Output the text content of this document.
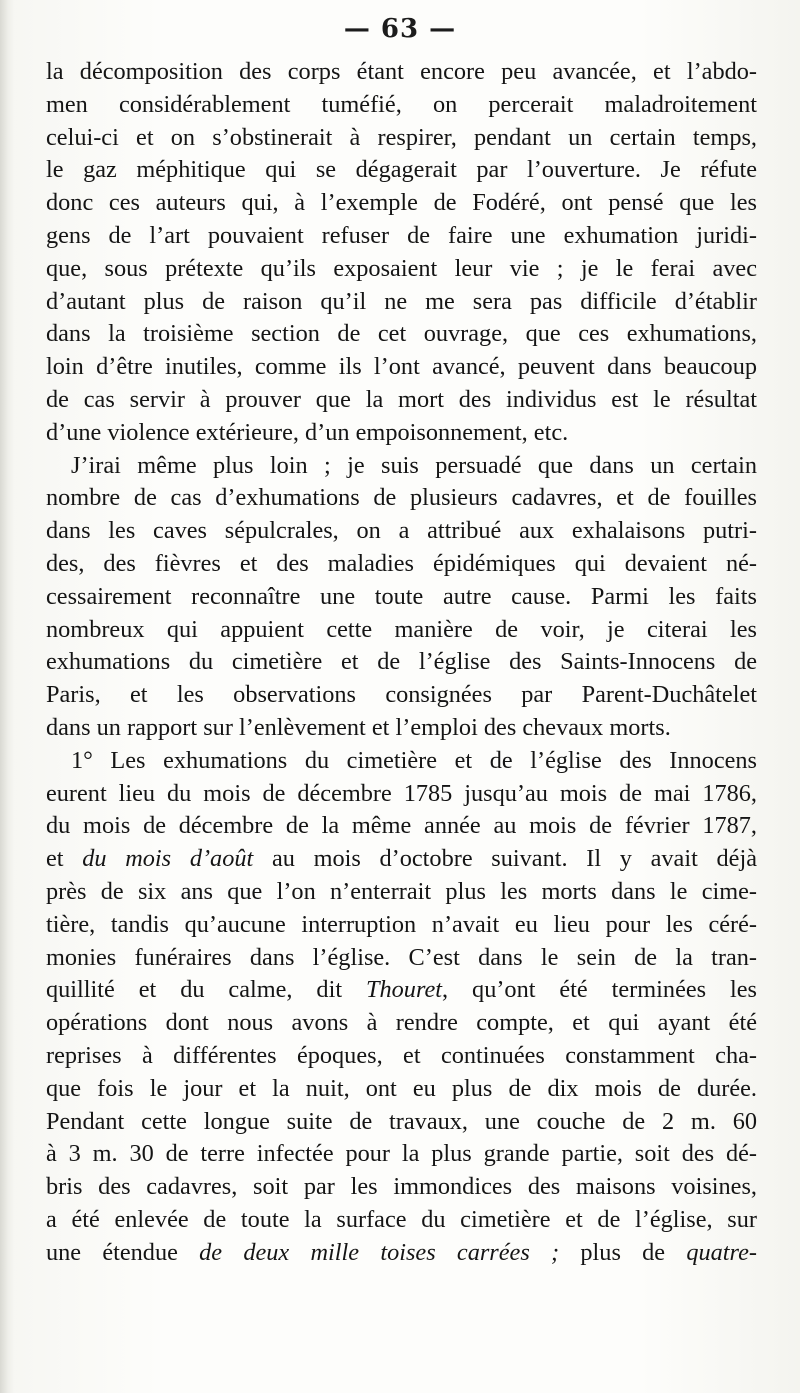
— 63 —
la décomposition des corps étant encore peu avancée, et l’abdo-
men considérablement tuméfié, on percerait maladroitement
celui-ci et on s’obstinerait à respirer, pendant un certain temps,
le gaz méphitique qui se dégagerait par l’ouverture. Je réfute
donc ces auteurs qui, à l’exemple de Fodéré, ont pensé que les
gens de l’art pouvaient refuser de faire une exhumation juridi-
que, sous prétexte qu’ils exposaient leur vie ; je le ferai avec
d’autant plus de raison qu’il ne me sera pas difficile d’établir
dans la troisième section de cet ouvrage, que ces exhumations,
loin d’être inutiles, comme ils l’ont avancé, peuvent dans beaucoup
de cas servir à prouver que la mort des individus est le résultat
d’une violence extérieure, d’un empoisonnement, etc.
J’irai même plus loin ; je suis persuadé que dans un certain
nombre de cas d’exhumations de plusieurs cadavres, et de fouilles
dans les caves sépulcrales, on a attribué aux exhalaisons putri-
des, des fièvres et des maladies épidémiques qui devaient né-
cessairement reconnaître une toute autre cause. Parmi les faits
nombreux qui appuient cette manière de voir, je citerai les
exhumations du cimetière et de l’église des Saints-Innocens de
Paris, et les observations consignées par Parent-Duchâtelet
dans un rapport sur l’enlèvement et l’emploi des chevaux morts.
1° Les exhumations du cimetière et de l’église des Innocens
eurent lieu du mois de décembre 1785 jusqu’au mois de mai 1786,
du mois de décembre de la même année au mois de février 1787,
et du mois d’août au mois d’octobre suivant. Il y avait déjà
près de six ans que l’on n’enterrait plus les morts dans le cime-
tière, tandis qu’aucune interruption n’avait eu lieu pour les céré-
monies funéraires dans l’église. C’est dans le sein de la tran-
quillité et du calme, dit Thouret, qu’ont été terminées les
opérations dont nous avons à rendre compte, et qui ayant été
reprises à différentes époques, et continuées constamment cha-
que fois le jour et la nuit, ont eu plus de dix mois de durée.
Pendant cette longue suite de travaux, une couche de 2 m. 60
à 3 m. 30 de terre infectée pour la plus grande partie, soit des dé-
bris des cadavres, soit par les immondices des maisons voisines,
a été enlevée de toute la surface du cimetière et de l’église, sur
une étendue de deux mille toises carrées ; plus de quatre-
